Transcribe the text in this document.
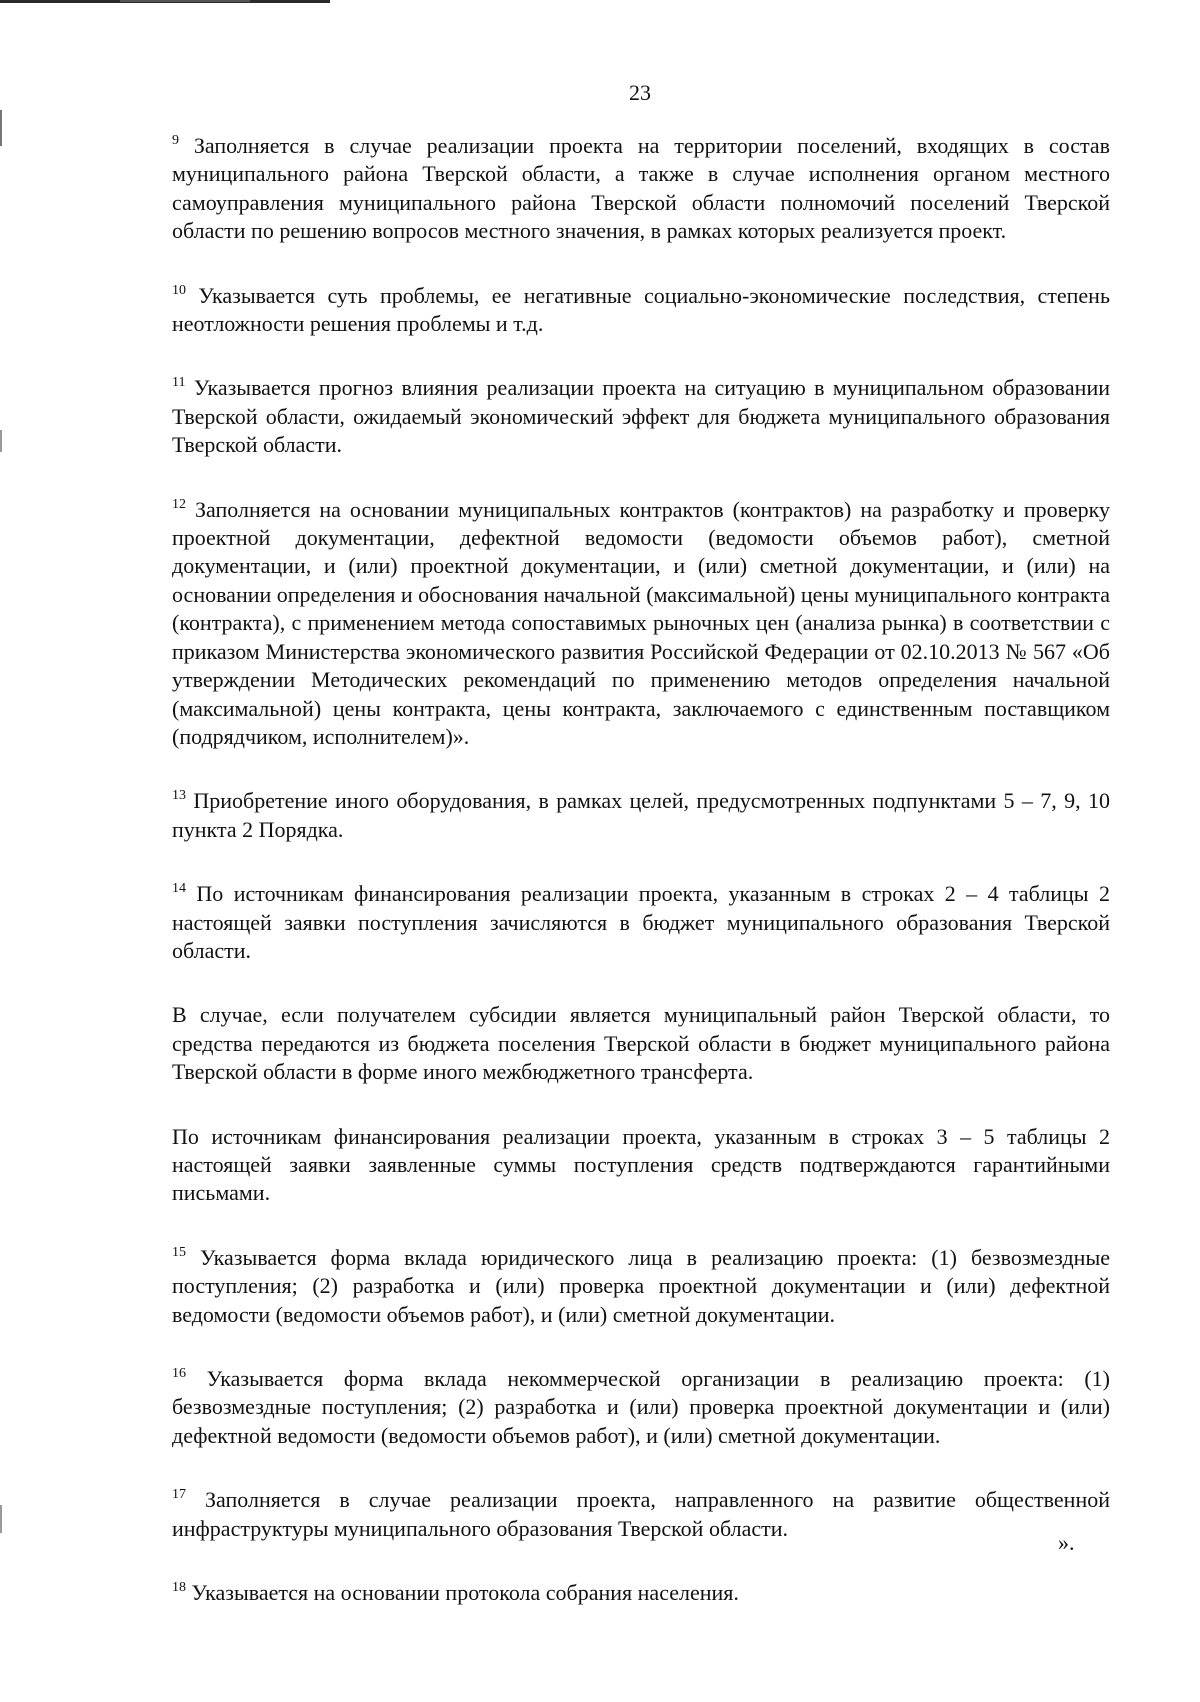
23

$^9$ Заполняется в случае реализации проекта на территории поселений, входящих в состав муниципального района Тверской области, а также в случае исполнения органом местного самоуправления муниципального района Тверской области полномочий поселений Тверской области по решению вопросов местного значения, в рамках которых реализуется проект.

$^{10}$ Указывается суть проблемы, ее негативные социально-экономические последствия, степень неотложности решения проблемы и т.д.

$^{11}$ Указывается прогноз влияния реализации проекта на ситуацию в муниципальном образовании Тверской области, ожидаемый экономический эффект для бюджета муниципального образования Тверской области.

$^{12}$ Заполняется на основании муниципальных контрактов (контрактов) на разработку и проверку проектной документации, дефектной ведомости (ведомости объемов работ), сметной документации, и (или) проектной документации, и (или) сметной документации, и (или) на основании определения и обоснования начальной (максимальной) цены муниципального контракта (контракта), с применением метода сопоставимых рыночных цен (анализа рынка) в соответствии с приказом Министерства экономического развития Российской Федерации от 02.10.2013 № 567 «Об утверждении Методических рекомендаций по применению методов определения начальной (максимальной) цены контракта, цены контракта, заключаемого с единственным поставщиком (подрядчиком, исполнителем)».

$^{13}$ Приобретение иного оборудования, в рамках целей, предусмотренных подпунктами 5 – 7, 9, 10 пункта 2 Порядка.

$^{14}$ По источникам финансирования реализации проекта, указанным в строках 2 – 4 таблицы 2 настоящей заявки поступления зачисляются в бюджет муниципального образования Тверской области.

В случае, если получателем субсидии является муниципальный район Тверской области, то средства передаются из бюджета поселения Тверской области в бюджет муниципального района Тверской области в форме иного межбюджетного трансферта.

По источникам финансирования реализации проекта, указанным в строках 3 – 5 таблицы 2 настоящей заявки заявленные суммы поступления средств подтверждаются гарантийными письмами.

$^{15}$ Указывается форма вклада юридического лица в реализацию проекта: (1) безвозмездные поступления; (2) разработка и (или) проверка проектной документации и (или) дефектной ведомости (ведомости объемов работ), и (или) сметной документации.

$^{16}$ Указывается форма вклада некоммерческой организации в реализацию проекта: (1) безвозмездные поступления; (2) разработка и (или) проверка проектной документации и (или) дефектной ведомости (ведомости объемов работ), и (или) сметной документации.

$^{17}$ Заполняется в случае реализации проекта, направленного на развитие общественной инфраструктуры муниципального образования Тверской области.

$^{18}$ Указывается на основании протокола собрания населения.

».
